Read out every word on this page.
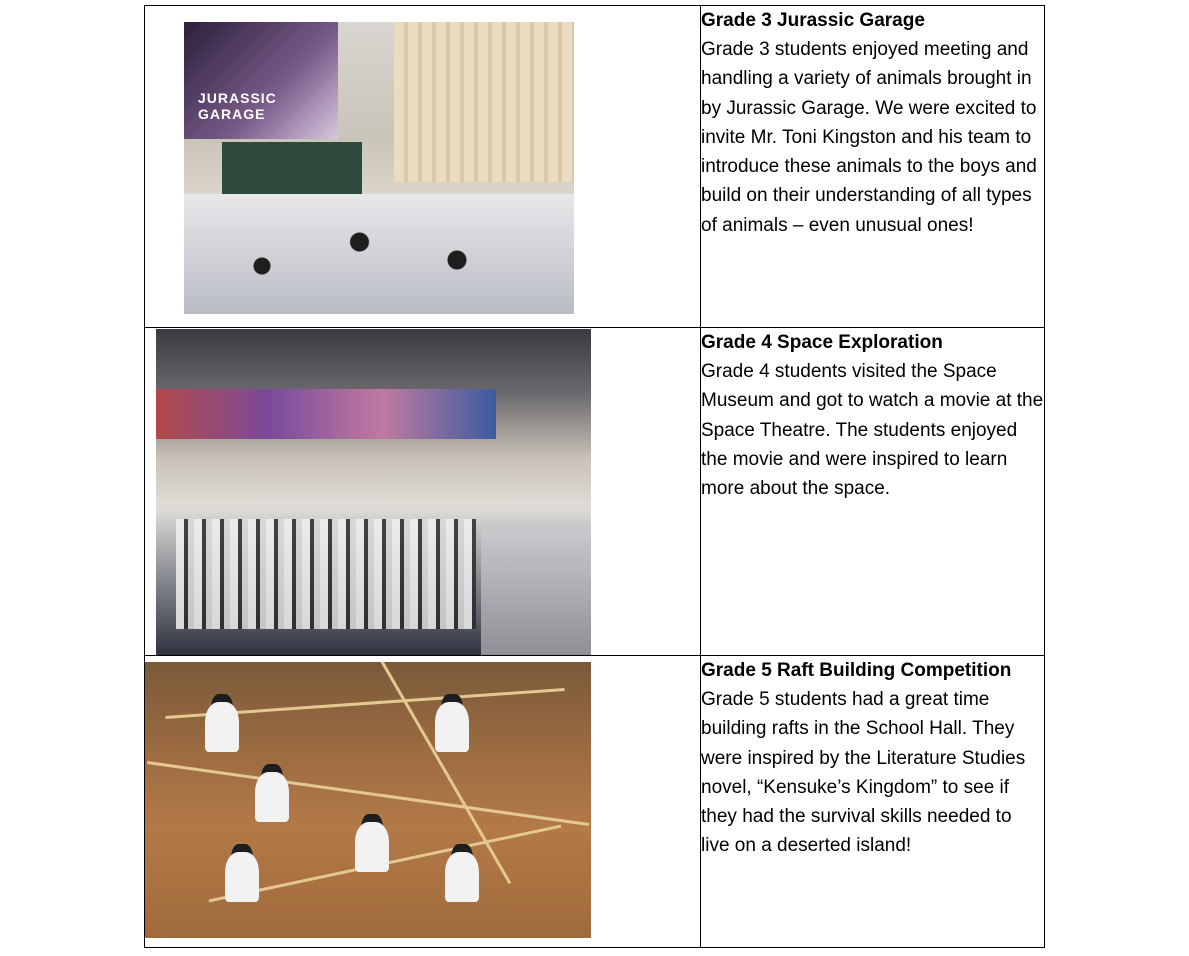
JURASSIC GARAGE	Grade 3 Jurassic Garage

Grade 3 students enjoyed meeting and handling a variety of animals brought in by Jurassic Garage. We were excited to invite Mr. Toni Kingston and his team to introduce these animals to the boys and build on their understanding of all types of animals – even unusual ones!

	Grade 4 Space Exploration

Grade 4 students visited the Space Museum and got to watch a movie at the Space Theatre. The students enjoyed the movie and were inspired to learn more about the space.

	Grade 5 Raft Building Competition

Grade 5 students had a great time building rafts in the School Hall. They were inspired by the Literature Studies novel, “Kensuke’s Kingdom” to see if they had the survival skills needed to live on a deserted island!
